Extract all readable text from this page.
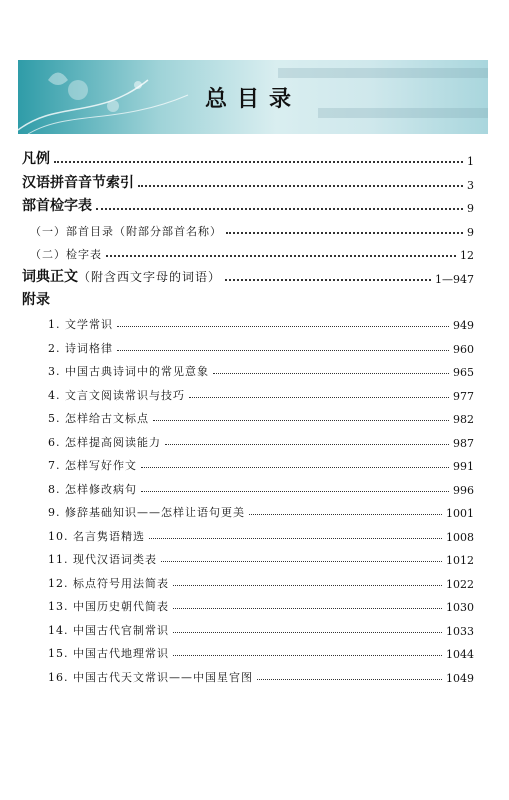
总目录
凡例	1
汉语拼音音节索引	3
部首检字表	9
（一）部首目录（附部分部首名称）	9
（二）检字表	12
词典正文（附含西文字母的词语）	1—947
附录
1. 文学常识	949
2. 诗词格律	960
3. 中国古典诗词中的常见意象	965
4. 文言文阅读常识与技巧	977
5. 怎样给古文标点	982
6. 怎样提高阅读能力	987
7. 怎样写好作文	991
8. 怎样修改病句	996
9. 修辞基础知识——怎样让语句更美	1001
10. 名言隽语精选	1008
11. 现代汉语词类表	1012
12. 标点符号用法简表	1022
13. 中国历史朝代简表	1030
14. 中国古代官制常识	1033
15. 中国古代地理常识	1044
16. 中国古代天文常识——中国星官图	1049
